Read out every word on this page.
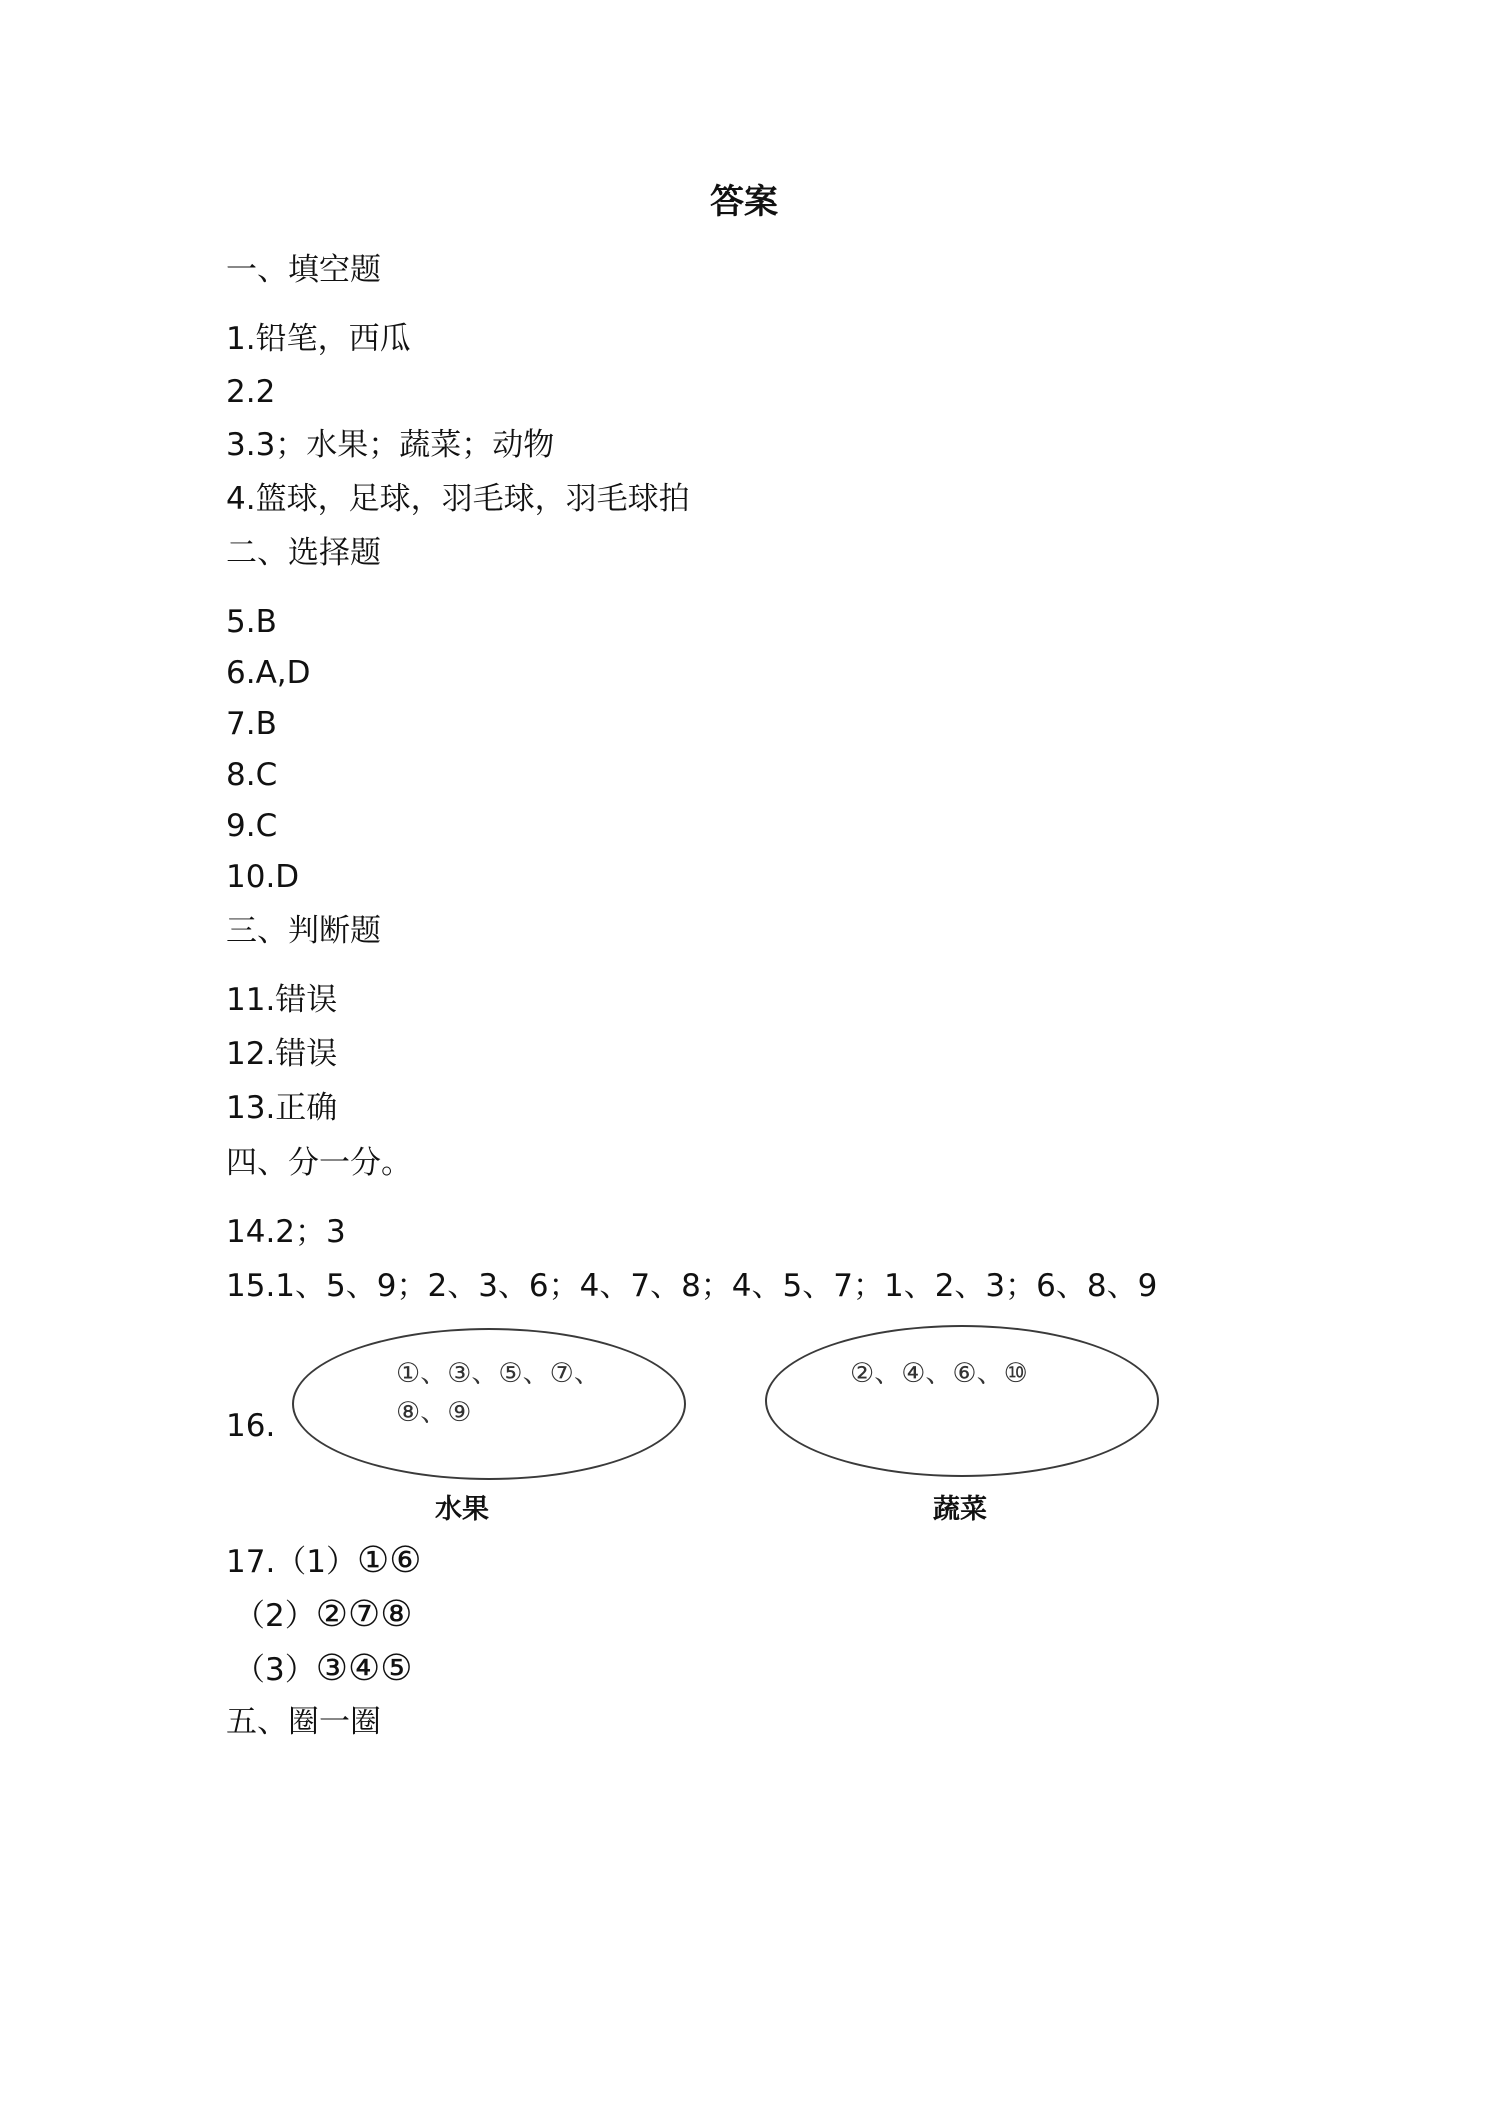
答案
一、填空题
1.铅笔，西瓜
2.2
3.3；水果；蔬菜；动物
4.篮球，足球，羽毛球，羽毛球拍
二、选择题
5.B
6.A,D
7.B
8.C
9.C
10.D
三、判断题
11.错误
12.错误
13.正确
四、分一分。
14.2；3
15.1、5、9；2、3、6；4、7、8；4、5、7；1、2、3；6、8、9
16.
①、③、⑤、⑦、
⑧、⑨
水果
②、④、⑥、⑩
蔬菜
17.（1）①⑥
（2）②⑦⑧
（3）③④⑤
五、圈一圈
